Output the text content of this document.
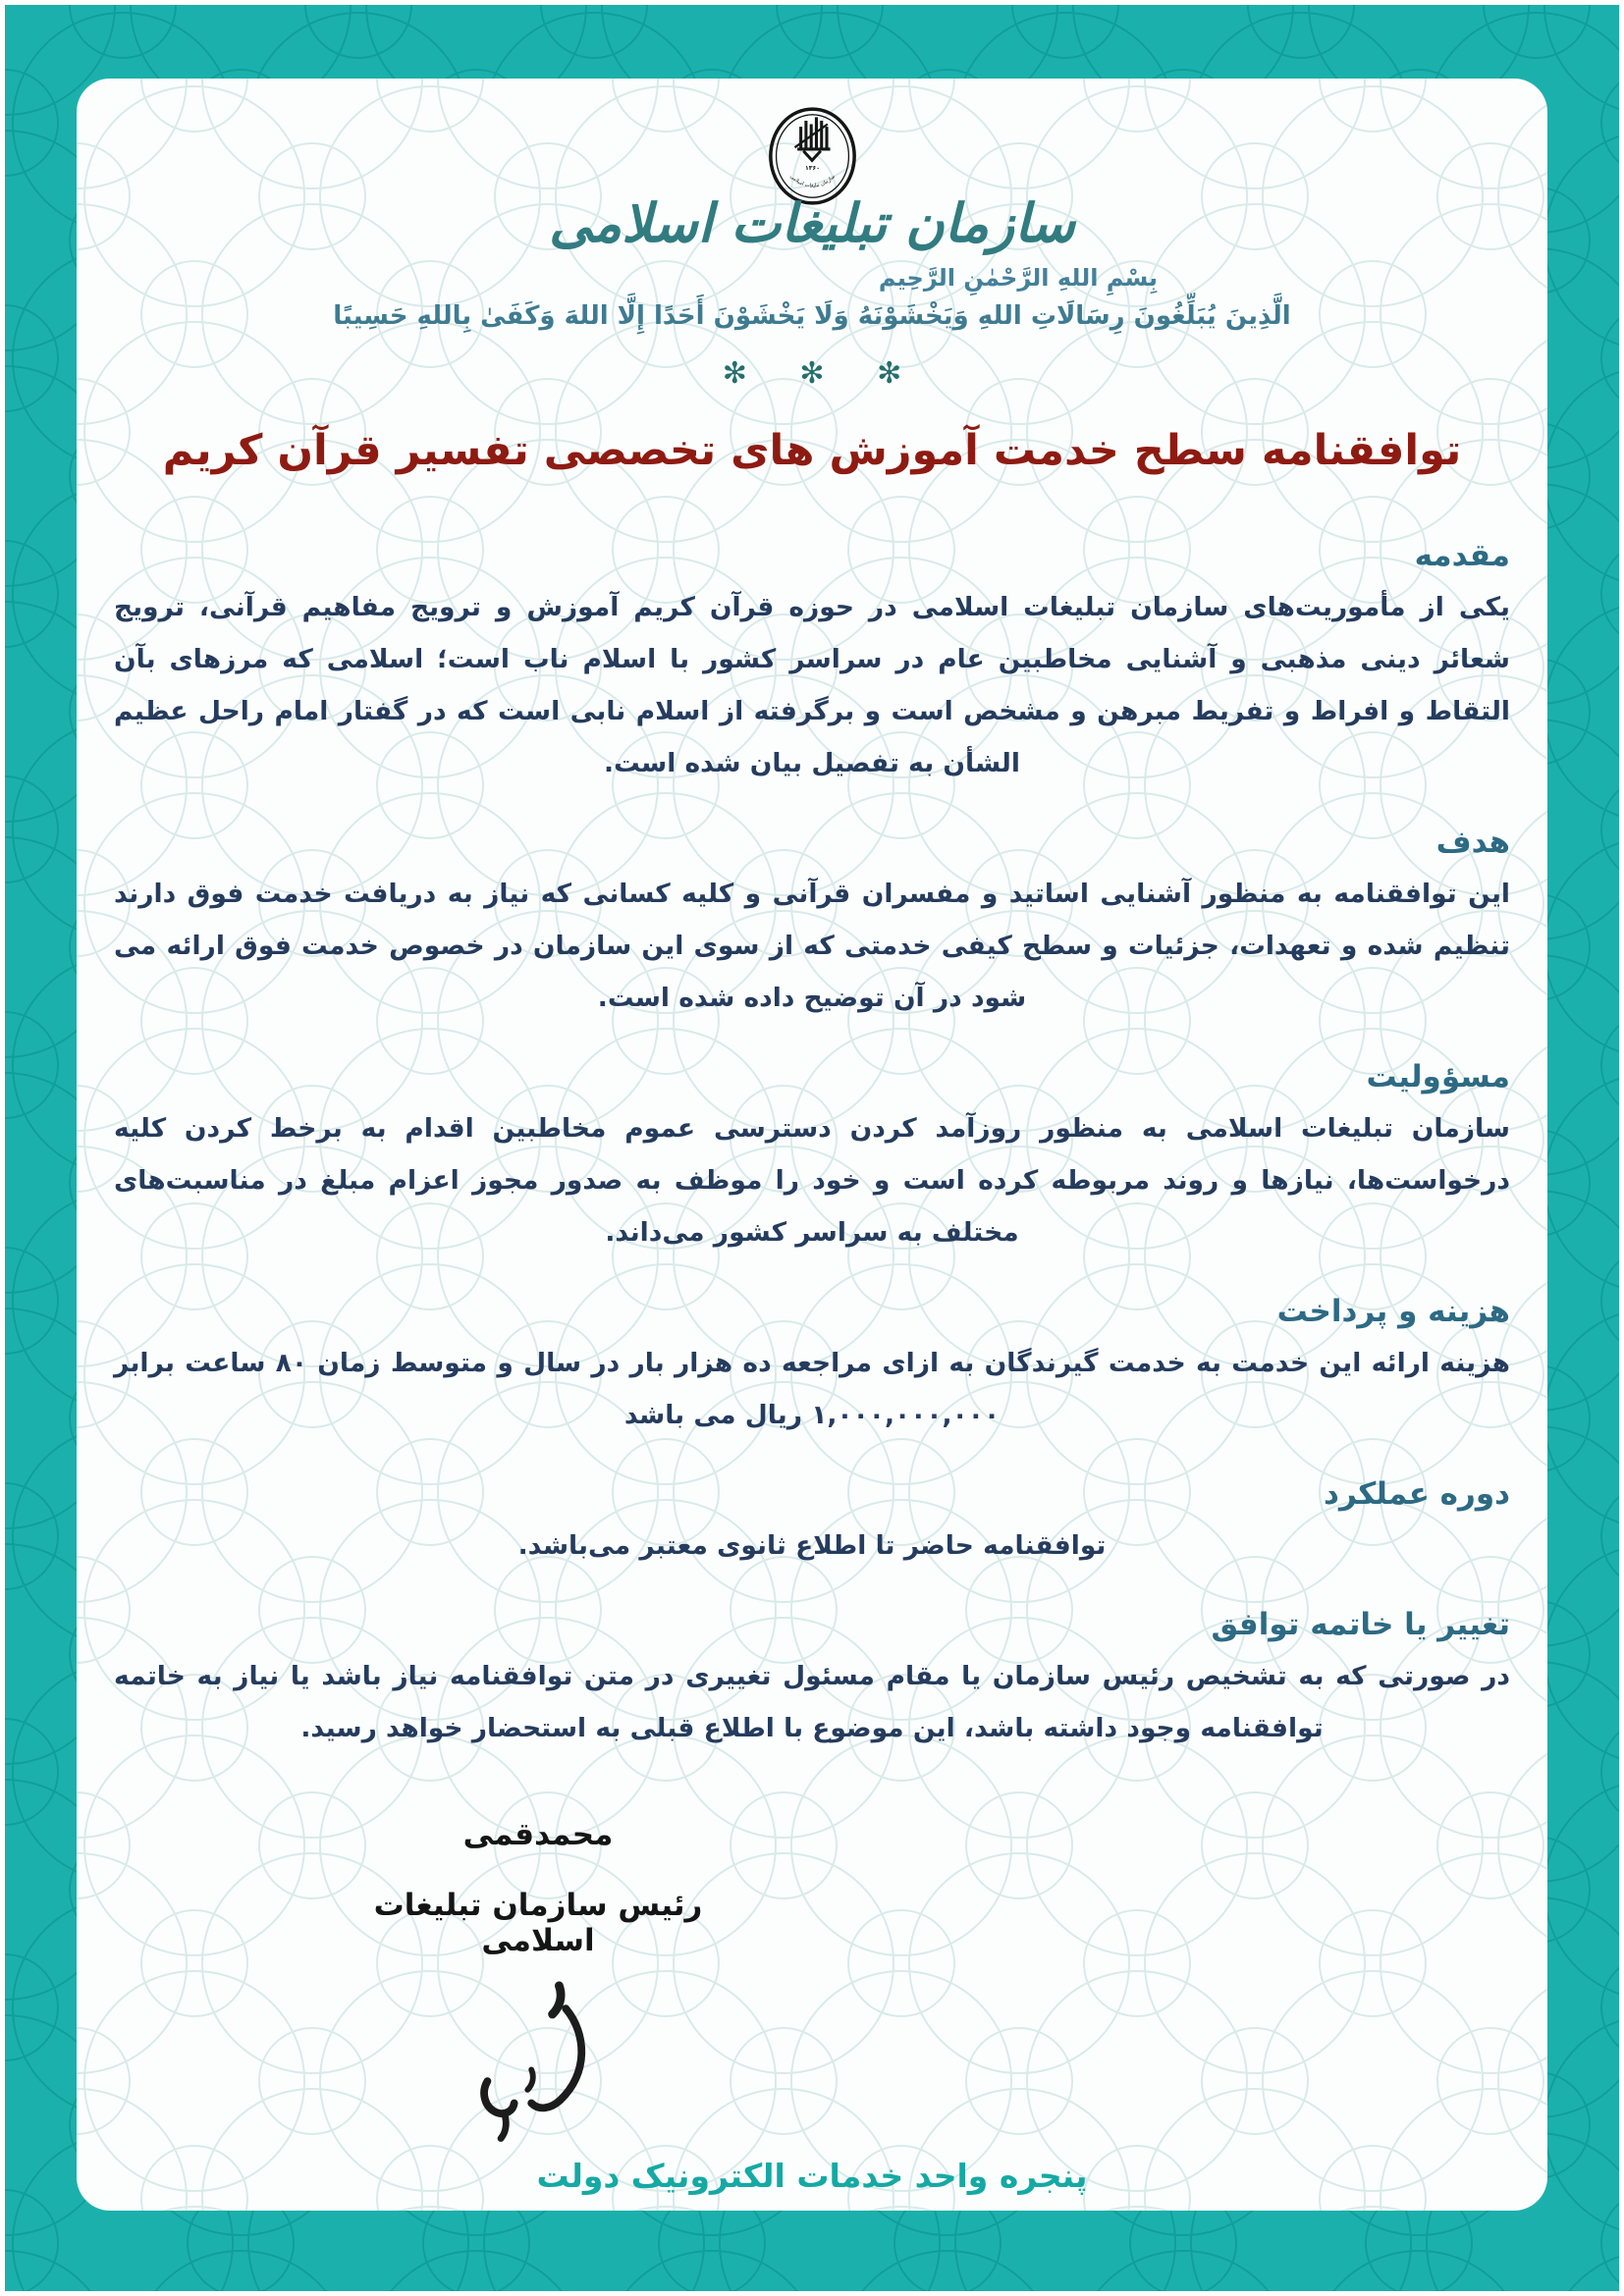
۱۳۶۰
سازمان تبلیغات اسلامی
سازمان تبلیغات اسلامی
بِسْمِ اللهِ الرَّحْمٰنِ الرَّحِيم
الَّذِينَ يُبَلِّغُونَ رِسَالَاتِ اللهِ وَيَخْشَوْنَهُ وَلَا يَخْشَوْنَ أَحَدًا إِلَّا اللهَ وَكَفَىٰ بِاللهِ حَسِيبًا
✻ ✻ ✻
توافقنامه سطح خدمت آموزش های تخصصی تفسیر قرآن کریم
مقدمه

یکی از مأموریت‌های سازمان تبلیغات اسلامی در حوزه قرآن کریم آموزش و ترویج مفاهیم قرآنی، ترویج شعائر دینی مذهبی و آشنایی مخاطبین عام در سراسر کشور با اسلام ناب است؛ اسلامی که مرزهای بآن التقاط و افراط و تفریط مبرهن و مشخص است و برگرفته از اسلام نابی است که در گفتار امام راحل عظیم الشأن به تفصیل بیان شده است.

هدف

این توافقنامه به منظور آشنایی اساتید و مفسران قرآنی و کلیه کسانی که نیاز به دریافت خدمت فوق دارند تنظیم شده و تعهدات، جزئیات و سطح کیفی خدمتی که از سوی این سازمان در خصوص خدمت فوق ارائه می شود در آن توضیح داده شده است.

مسؤولیت

سازمان تبلیغات اسلامی به منظور روزآمد کردن دسترسی عموم مخاطبین اقدام به برخط کردن کلیه درخواست‌ها، نیازها و روند مربوطه کرده است و خود را موظف به صدور مجوز اعزام مبلغ در مناسبت‌های مختلف به سراسر کشور می‌داند.

هزینه و پرداخت

هزینه ارائه این خدمت به خدمت گیرندگان به ازای مراجعه ده هزار بار در سال و متوسط زمان ۸۰ ساعت برابر ۱,۰۰۰,۰۰۰,۰۰۰ ریال می باشد

دوره عملکرد

توافقنامه حاضر تا اطلاع ثانوی معتبر می‌باشد.

تغییر یا خاتمه توافق

در صورتی که به تشخیص رئیس سازمان یا مقام مسئول تغییری در متن توافقنامه نیاز باشد یا نیاز به خاتمه توافقنامه وجود داشته باشد، این موضوع با اطلاع قبلی به استحضار خواهد رسید.

محمدقمی
رئیس سازمان تبلیغات اسلامی
پنجره واحد خدمات الکترونیک دولت
